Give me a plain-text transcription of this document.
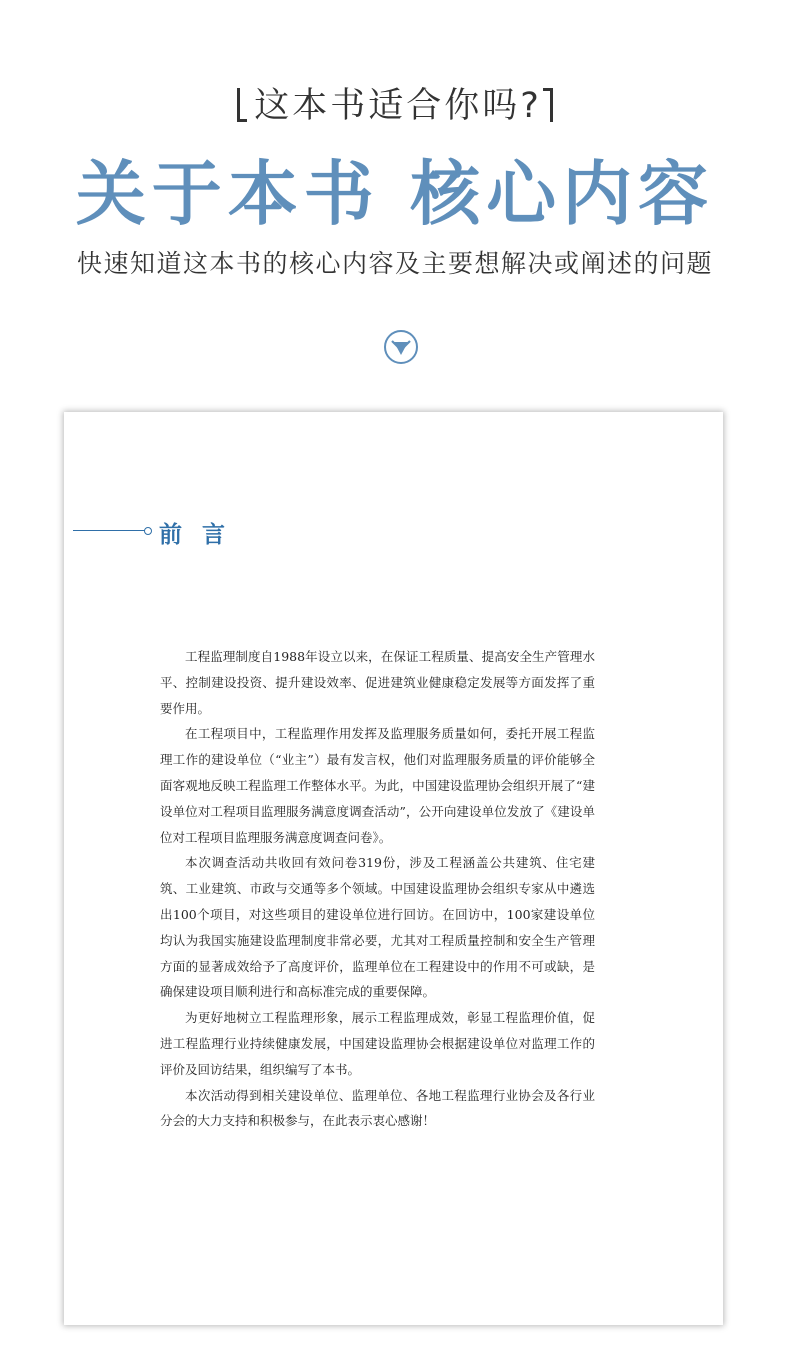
这本书适合你吗?
关于本书 核心内容
快速知道这本书的核心内容及主要想解决或阐述的问题
前言

工程监理制度自1988年设立以来，在保证工程质量、提高安全生产管理水平、控制建设投资、提升建设效率、促进建筑业健康稳定发展等方面发挥了重要作用。

在工程项目中，工程监理作用发挥及监理服务质量如何，委托开展工程监理工作的建设单位（“业主”）最有发言权，他们对监理服务质量的评价能够全面客观地反映工程监理工作整体水平。为此，中国建设监理协会组织开展了“建设单位对工程项目监理服务满意度调查活动”，公开向建设单位发放了《建设单位对工程项目监理服务满意度调查问卷》。

本次调查活动共收回有效问卷319份，涉及工程涵盖公共建筑、住宅建筑、工业建筑、市政与交通等多个领域。中国建设监理协会组织专家从中遴选出100个项目，对这些项目的建设单位进行回访。在回访中，100家建设单位均认为我国实施建设监理制度非常必要，尤其对工程质量控制和安全生产管理方面的显著成效给予了高度评价，监理单位在工程建设中的作用不可或缺，是确保建设项目顺利进行和高标准完成的重要保障。

为更好地树立工程监理形象，展示工程监理成效，彰显工程监理价值，促进工程监理行业持续健康发展，中国建设监理协会根据建设单位对监理工作的评价及回访结果，组织编写了本书。

本次活动得到相关建设单位、监理单位、各地工程监理行业协会及各行业分会的大力支持和积极参与，在此表示衷心感谢！
